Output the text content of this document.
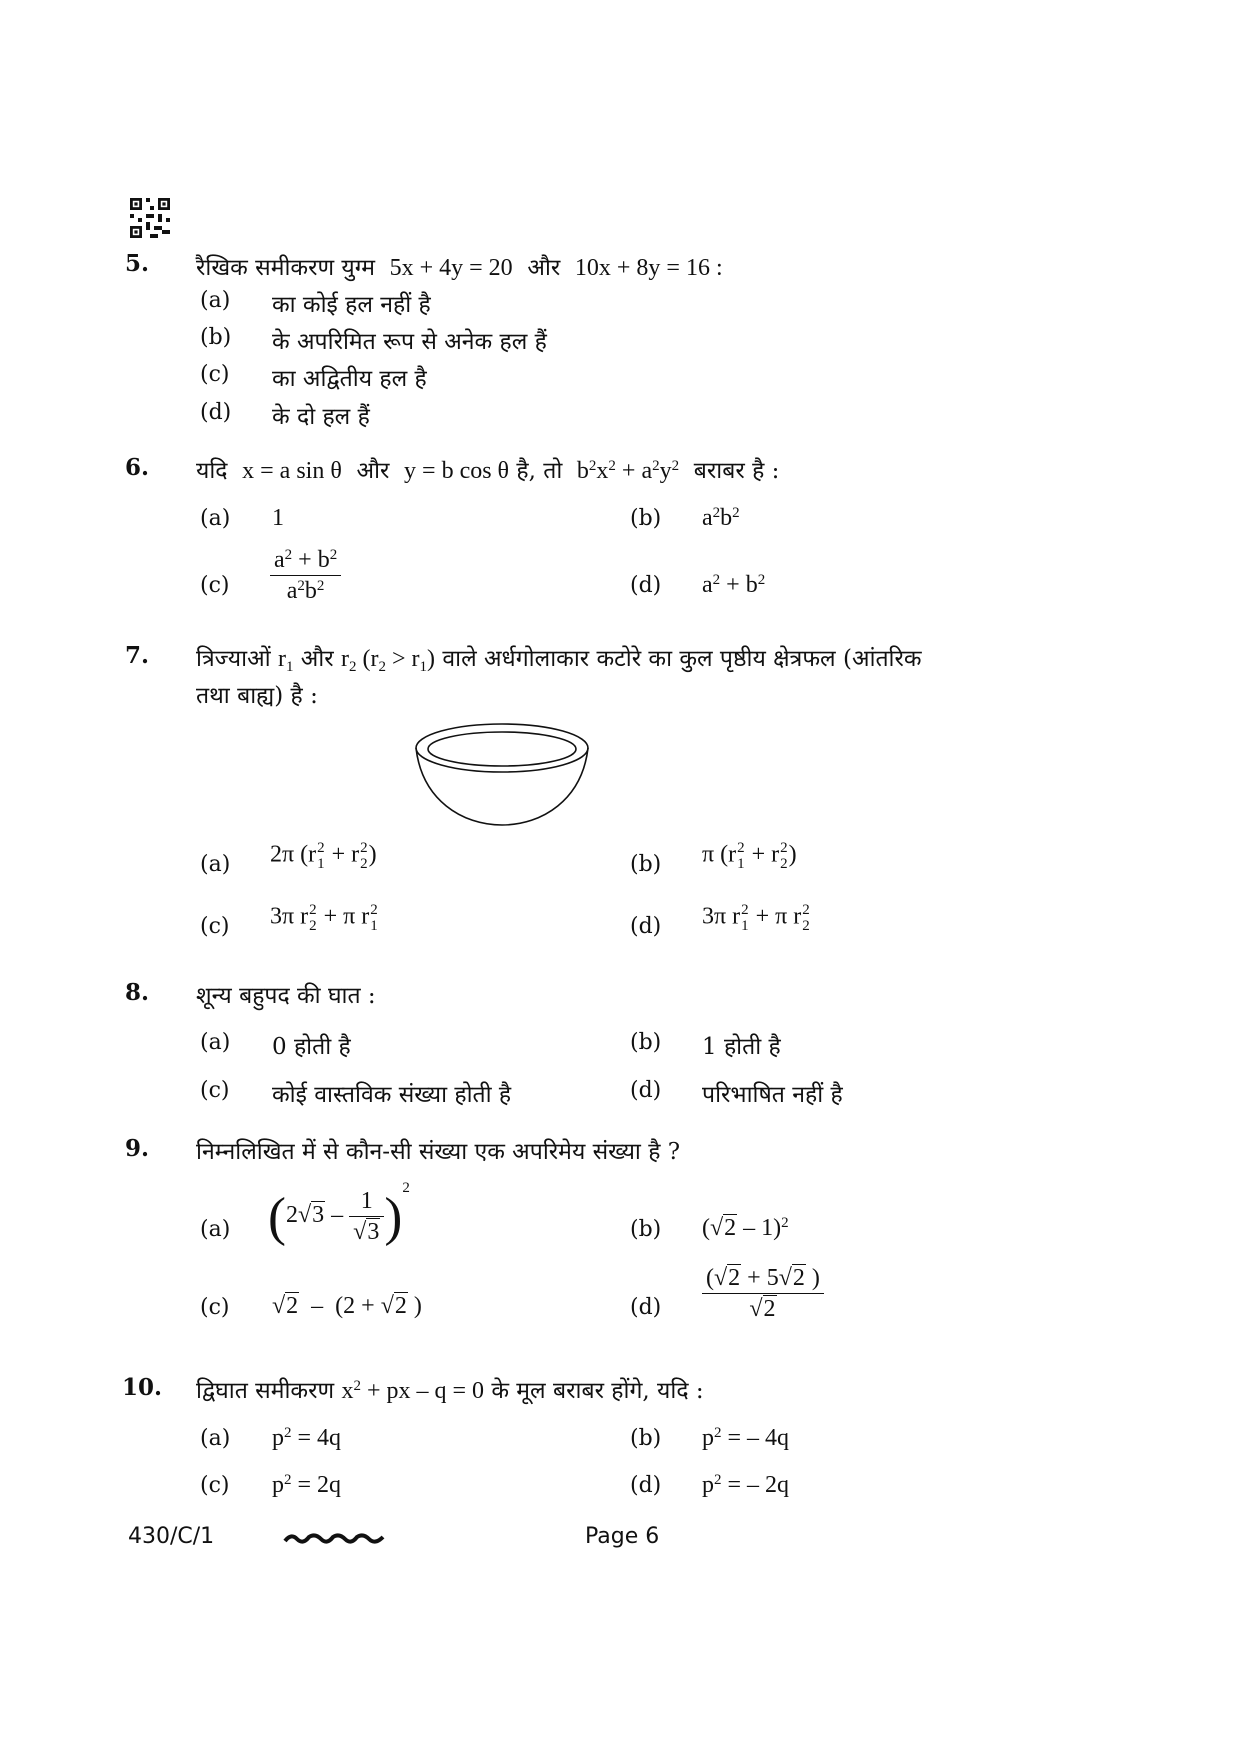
5. रैखिक समीकरण युग्म 5x + 4y = 20 और 10x + 8y = 16 :
(a) का कोई हल नहीं है
(b) के अपरिमित रूप से अनेक हल हैं
(c) का अद्वितीय हल है
(d) के दो हल हैं
6. यदि x = a sin θ और y = b cos θ है, तो $b^2x^2 + a^2y^2$ बराबर है :
(a) 1	(b) $a^2b^2$
$(c) \frac{a^2 + b^2}{a^2b^2}$	(d) $a^2 + b^2$
7. त्रिज्याओं $r_1$ और $r_2$ $(r_2 > r_1)$ वाले अर्धगोलाकार कटोरे का कुल पृष्ठीय क्षेत्रफल (आंतरिक
तथा बाह्य) है :
(a) 2π (r 2
1 + r 2
2 )	(b) π (r 2
1 + r 2
2 )
(c) 3π r 2
2 + π r 2
1	(d) 3π r 2
1 + π r 2
2
8. शून्य बहुपद की घात :
(a) 0 होती है	(b) 1 होती है
(c) कोई वास्तविक संख्या होती है	(d) परिभाषित नहीं है
9. निम्नलिखित में से कौन-सी संख्या एक अपरिमेय संख्या है ?
(a) $(2√3 - \frac{1}{√3} )^2$
(b) (√2 – 1)$^2$
(c) √2  –  (2 + √2 )	$(d) \frac{(√2 + 5√2 )}{√2}$
10. द्विघात समीकरण $x^2$ + px – q = 0 के मूल बराबर होंगे, यदि :
(a) $p^2 = 4q$	(b) $p^2$ = – 4q
(c) $p^2 = 2q$	(d) $p^2$ = – 2q
430/C/1	Page 6
